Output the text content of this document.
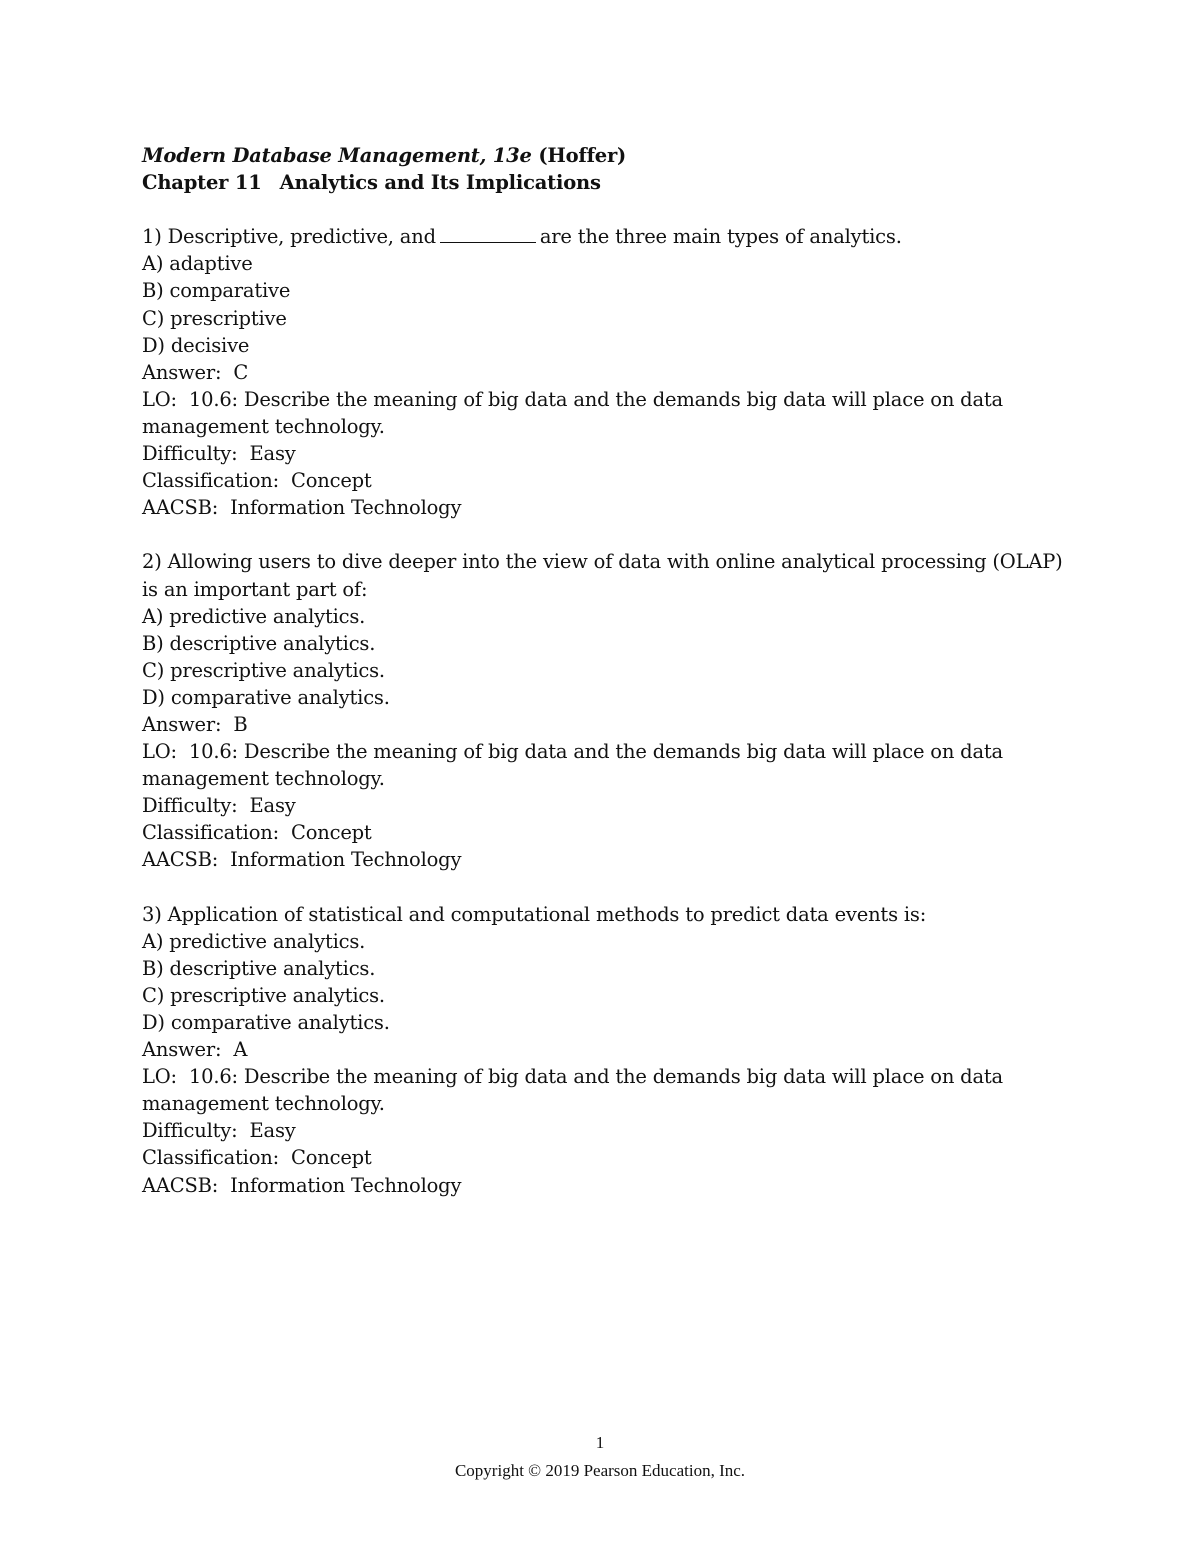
Modern Database Management, 13e (Hoffer)
Chapter 11 Analytics and Its Implications
1) Descriptive, predictive, and	are the three main types of analytics.
A) adaptive
B) comparative
C) prescriptive
D) decisive
Answer:  C
LO:  10.6: Describe the meaning of big data and the demands big data will place on data
management technology.
Difficulty:  Easy
Classification:  Concept
AACSB:  Information Technology
2) Allowing users to dive deeper into the view of data with online analytical processing (OLAP)
is an important part of:
A) predictive analytics.
B) descriptive analytics.
C) prescriptive analytics.
D) comparative analytics.
Answer:  B
LO:  10.6: Describe the meaning of big data and the demands big data will place on data
management technology.
Difficulty:  Easy
Classification:  Concept
AACSB:  Information Technology
3) Application of statistical and computational methods to predict data events is:
A) predictive analytics.
B) descriptive analytics.
C) prescriptive analytics.
D) comparative analytics.
Answer:  A
LO:  10.6: Describe the meaning of big data and the demands big data will place on data
management technology.
Difficulty:  Easy
Classification:  Concept
AACSB:  Information Technology
1
Copyright © 2019 Pearson Education, Inc.
